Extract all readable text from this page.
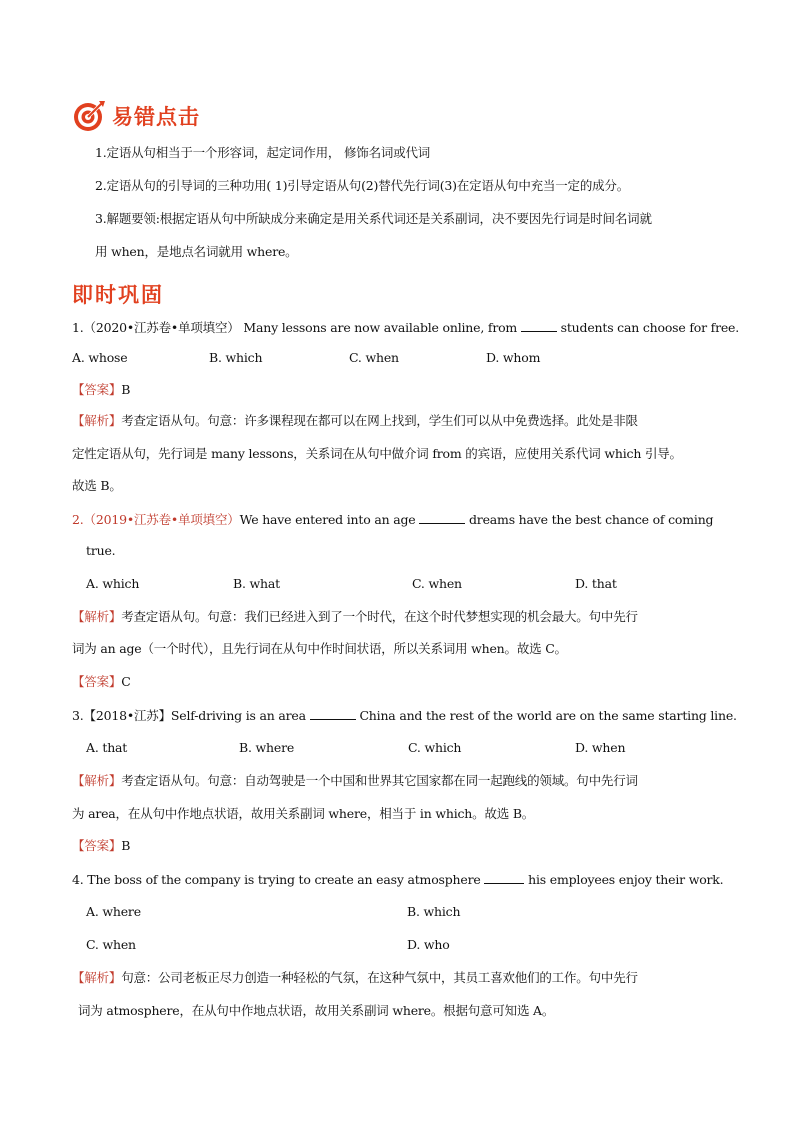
易错点击
1.定语从句相当于一个形容词，起定词作用， 修饰名词或代词
2.定语从句的引导词的三种功用( 1)引导定语从句(2)替代先行词(3)在定语从句中充当一定的成分。
3.解题要领:根据定语从句中所缺成分来确定是用关系代词还是关系副词，决不要因先行词是时间名词就
用 when，是地点名词就用 where。
即时巩固
1.（2020•江苏卷•单项填空） Many lessons are now available online, from	students can choose for free.
A. whose	B. which	C. when	D. whom
【答案】B
【解析】考查定语从句。句意：许多课程现在都可以在网上找到，学生们可以从中免费选择。此处是非限
定性定语从句，先行词是 many lessons，关系词在从句中做介词 from 的宾语，应使用关系代词 which 引导。
故选 B。
2.（2019•江苏卷•单项填空）We have entered into an age	dreams have the best chance of coming
true.
A. which	B. what	C. when	D. that
【解析】考查定语从句。句意：我们已经进入到了一个时代，在这个时代梦想实现的机会最大。句中先行
词为 an age（一个时代），且先行词在从句中作时间状语，所以关系词用 when。故选 C。
【答案】C
3.【2018•江苏】Self-driving is an area	China and the rest of the world are on the same starting line.
A. that	B. where	C. which	D. when
【解析】考查定语从句。句意：自动驾驶是一个中国和世界其它国家都在同一起跑线的领域。句中先行词
为 area，在从句中作地点状语，故用关系副词 where，相当于 in which。故选 B。
【答案】B
4. The boss of the company is trying to create an easy atmosphere	his employees enjoy their work.
A. where	B. which
C. when	D. who
【解析】句意：公司老板正尽力创造一种轻松的气氛，在这种气氛中，其员工喜欢他们的工作。句中先行
词为 atmosphere，在从句中作地点状语，故用关系副词 where。根据句意可知选 A。
